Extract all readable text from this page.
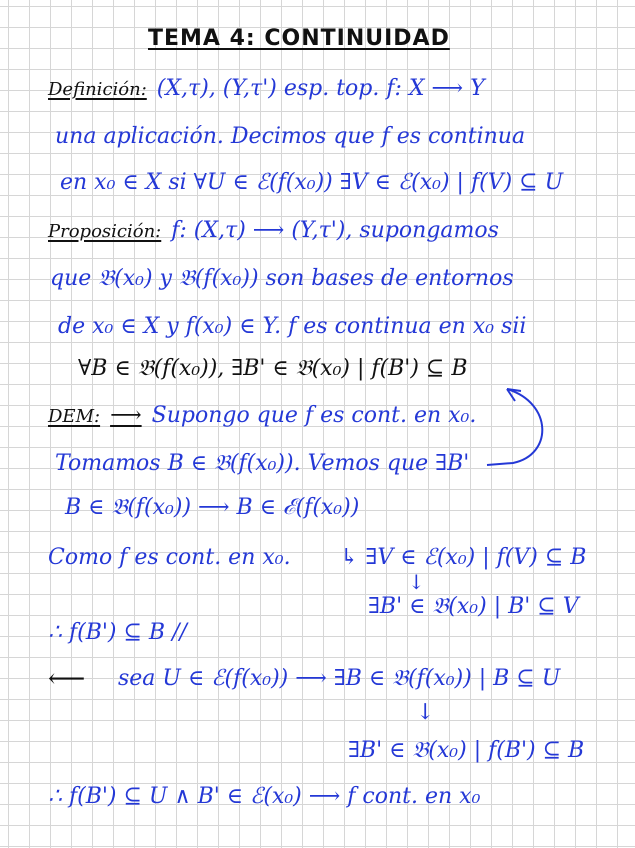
TEMA 4: CONTINUIDAD
Definición: (X,τ), (Y,τ') esp. top. f: X ⟶ Y
una aplicación. Decimos que f es continua
en x₀ ∈ X si ∀U ∈ ℰ(f(x₀)) ∃V ∈ ℰ(x₀) | f(V) ⊆ U
Proposición: f: (X,τ) ⟶ (Y,τ'), supongamos
que 𝔅(x₀) y 𝔅(f(x₀)) son bases de entornos
de x₀ ∈ X y f(x₀) ∈ Y. f es continua en x₀ sii
∀B ∈ 𝔅(f(x₀)), ∃B' ∈ 𝔅(x₀) | f(B') ⊆ B
DEM: ⟶ Supongo que f es cont. en x₀.
Tomamos B ∈ 𝔅(f(x₀)). Vemos que ∃B'
B ∈ 𝔅(f(x₀)) ⟶ B ∈ ℰ(f(x₀))
Como f es cont. en x₀. ↳ ∃V ∈ ℰ(x₀) | f(V) ⊆ B
↓
∃B' ∈ 𝔅(x₀) | B' ⊆ V
∴ f(B') ⊆ B //
⟵ sea U ∈ ℰ(f(x₀)) ⟶ ∃B ∈ 𝔅(f(x₀)) | B ⊆ U
↓
∃B' ∈ 𝔅(x₀) | f(B') ⊆ B
∴ f(B') ⊆ U ∧ B' ∈ ℰ(x₀) ⟶ f cont. en x₀
